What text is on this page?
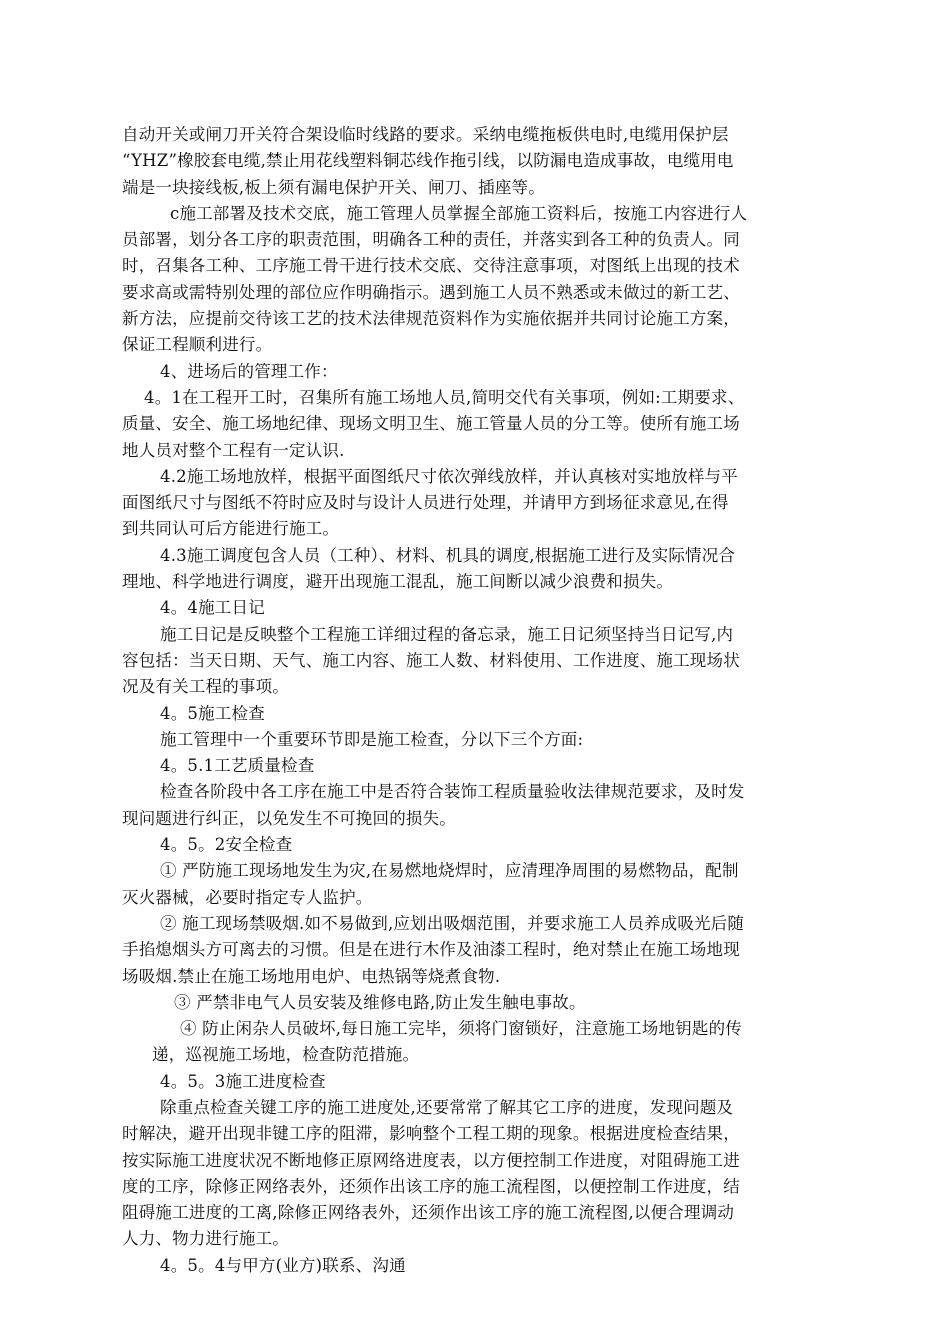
自动开关或闸刀开关符合架设临时线路的要求。采纳电缆拖板供电时,电缆用保护层
“YHZ”橡胶套电缆,禁止用花线塑料铜芯线作拖引线，以防漏电造成事故，电缆用电
端是一块接线板,板上须有漏电保护开关、闸刀、插座等。
c施工部署及技术交底，施工管理人员掌握全部施工资料后，按施工内容进行人
员部署，划分各工序的职责范围，明确各工种的责任，并落实到各工种的负责人。同
时，召集各工种、工序施工骨干进行技术交底、交待注意事项，对图纸上出现的技术
要求高或需特别处理的部位应作明确指示。遇到施工人员不熟悉或未做过的新工艺、
新方法，应提前交待该工艺的技术法律规范资料作为实施依据并共同讨论施工方案，
保证工程顺利进行。
4、进场后的管理工作：
4。1在工程开工时，召集所有施工场地人员,简明交代有关事项，例如:工期要求、
质量、安全、施工场地纪律、现场文明卫生、施工管量人员的分工等。使所有施工场
地人员对整个工程有一定认识.
4.2施工场地放样，根据平面图纸尺寸依次弹线放样，并认真核对实地放样与平
面图纸尺寸与图纸不符时应及时与设计人员进行处理，并请甲方到场征求意见,在得
到共同认可后方能进行施工。
4.3施工调度包含人员（工种）、材料、机具的调度,根据施工进行及实际情况合
理地、科学地进行调度，避开出现施工混乱，施工间断以减少浪费和损失。
4。4施工日记
施工日记是反映整个工程施工详细过程的备忘录，施工日记须坚持当日记写,内
容包括：当天日期、天气、施工内容、施工人数、材料使用、工作进度、施工现场状
况及有关工程的事项。
4。5施工检查
施工管理中一个重要环节即是施工检查，分以下三个方面:
4。5.1工艺质量检查
检查各阶段中各工序在施工中是否符合装饰工程质量验收法律规范要求，及时发
现问题进行纠正，以免发生不可挽回的损失。
4。5。2安全检查
① 严防施工现场地发生为灾,在易燃地烧焊时，应清理净周围的易燃物品，配制
灭火器械，必要时指定专人监护。
② 施工现场禁吸烟.如不易做到,应划出吸烟范围，并要求施工人员养成吸光后随
手掐熄烟头方可离去的习惯。但是在进行木作及油漆工程时，绝对禁止在施工场地现
场吸烟.禁止在施工场地用电炉、电热锅等烧煮食物.
③ 严禁非电气人员安装及维修电路,防止发生触电事故。
④ 防止闲杂人员破坏,每日施工完毕，须将门窗锁好，注意施工场地钥匙的传
递，巡视施工场地，检查防范措施。
4。5。3施工进度检查
除重点检查关键工序的施工进度处,还要常常了解其它工序的进度，发现问题及
时解决，避开出现非键工序的阻滞，影响整个工程工期的现象。根据进度检查结果，
按实际施工进度状况不断地修正原网络进度表，以方便控制工作进度，对阻碍施工进
度的工序，除修正网络表外，还须作出该工序的施工流程图，以便控制工作进度，结
阻碍施工进度的工离,除修正网络表外，还须作出该工序的施工流程图,以便合理调动
人力、物力进行施工。
4。5。4与甲方(业方)联系、沟通
